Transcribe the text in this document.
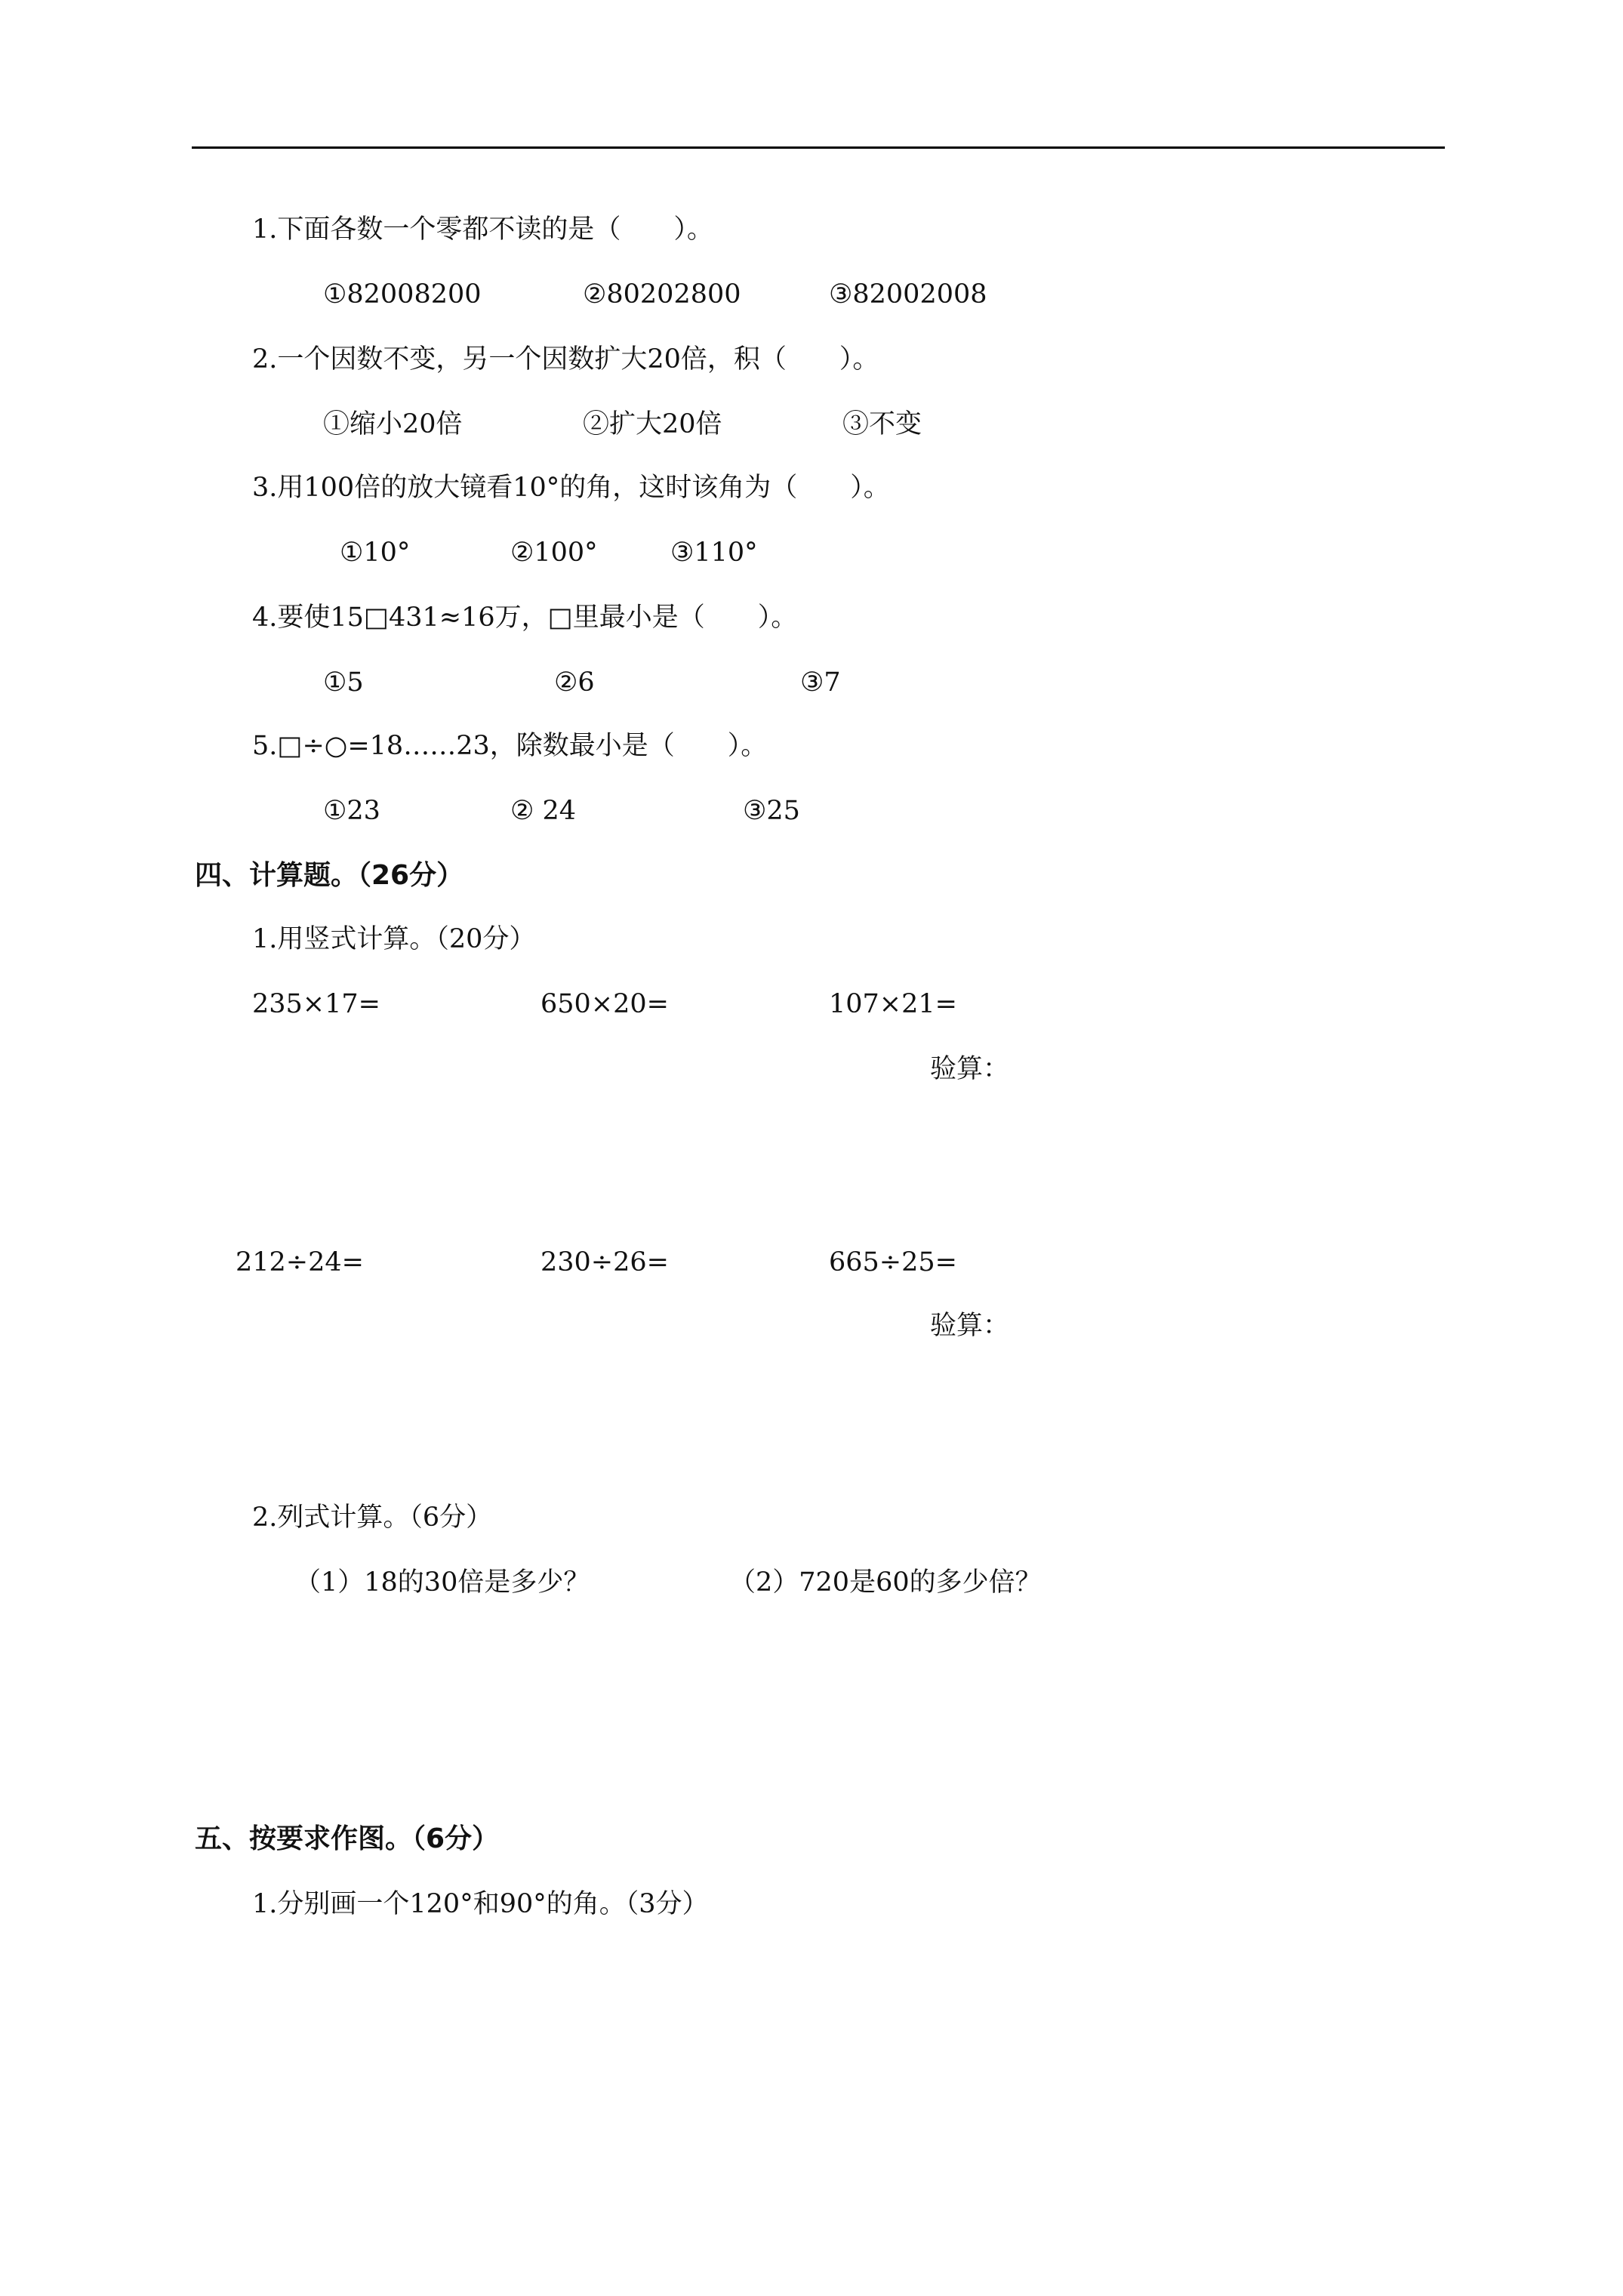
1.下面各数一个零都不读的是（　　）。
①82008200	②80202800	③82002008
2.一个因数不变，另一个因数扩大20倍，积（　　）。
①缩小20倍	②扩大20倍	③不变
3.用100倍的放大镜看10°的角，这时该角为（　　）。
①10°	②100°	③110°
4.要使15□431≈16万，□里最小是（　　）。
①5	②6	③7
5.□÷○=18……23，除数最小是（　　）。
①23	② 24	③25
四、计算题。（26分）
1.用竖式计算。（20分）
235×17=	650×20=	107×21=
验算：
212÷24=	230÷26=	665÷25=
验算：
2.列式计算。（6分）
（1）18的30倍是多少？	（2）720是60的多少倍？
五、按要求作图。（6分）
1.分别画一个120°和90°的角。（3分）
